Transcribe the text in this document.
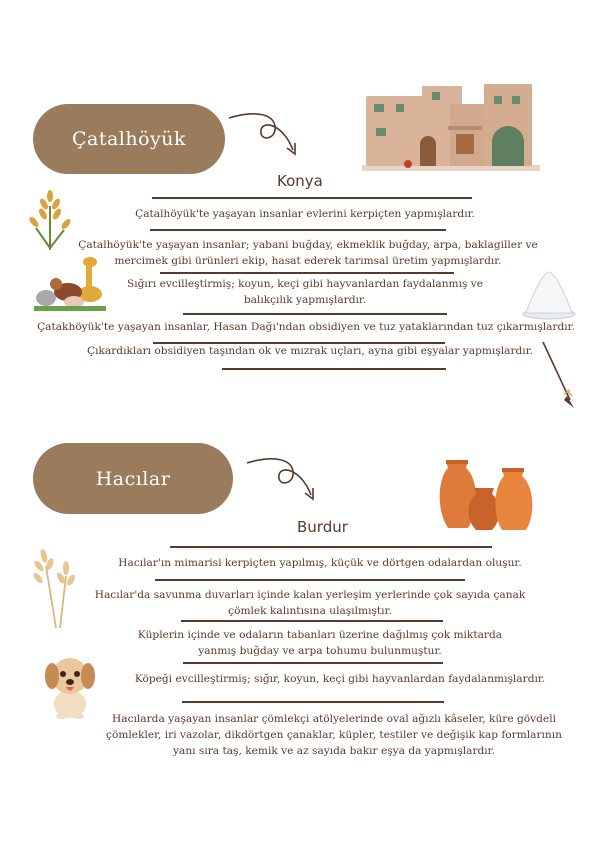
Çatalhöyük
Konya
Çatalhöyük'te yaşayan insanlar evlerini kerpiçten yapmışlardır.
Çatalhöyük'te yaşayan insanlar; yabani buğday, ekmeklik buğday, arpa, baklagiller ve mercimek gibi ürünleri ekip, hasat ederek tarımsal üretim yapmışlardır.
Sığırı evcilleştirmiş; koyun, keçi gibi hayvanlardan faydalanmış ve balıkçılık yapmışlardır.
Çatakhöyük'te yaşayan insanlar, Hasan Dağı'ndan obsidiyen ve tuz yataklarından tuz çıkarmışlardır.
Çıkardıkları obsidiyen taşından ok ve mızrak uçları, ayna gibi eşyalar yapmışlardır.
Hacılar
Burdur
Hacılar'ın mimarisi kerpiçten yapılmış, küçük ve dörtgen odalardan oluşur.
Hacılar'da savunma duvarları içinde kalan yerleşim yerlerinde çok sayıda çanak çömlek kalıntısına ulaşılmıştır.
Küplerin içinde ve odaların tabanları üzerine dağılmış çok miktarda yanmış buğday ve arpa tohumu bulunmuştur.
Köpeği evcilleştirmiş; sığır, koyun, keçi gibi hayvanlardan faydalanmışlardır.
Hacılarda yaşayan insanlar çömlekçi atölyelerinde oval ağızlı kâseler, küre gövdeli çömlekler, iri vazolar, dikdörtgen çanaklar, küpler, testiler ve değişik kap formlarının yanı sıra taş, kemik ve az sayıda bakır eşya da yapmışlardır.
